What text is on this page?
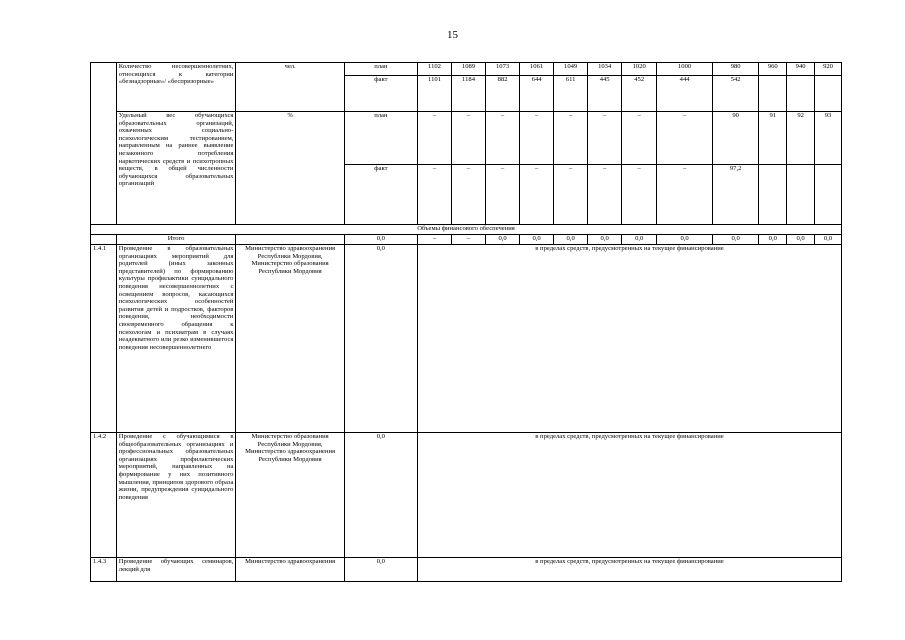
15
	Количество несовершеннолетних, относящихся к категории «безнадзорные»/ «беспризорные»	чел.	план	1102	1089	1073	1061	1049	1034	1020	1000	980	960	940	920
			факт	1101	1184	882	644	611	445	452	444	542			
	Удельный вес обучающихся образовательных организаций, охваченных социально-психологическим тестированием, направленным на раннее выявление незаконного потребления наркотических средств и психотропных веществ, в общей численности обучающихся образовательных организаций	%	план	–	–	–	–	–	–	–	–	90	91	92	93
			факт	–	–	–	–	–	–	–	–	97,2			
Объемы финансового обеспечения															
	Итого		0,0	–	–	0,0	0,0	0,0	0,0	0,0	0,0	0,0	0,0	0,0	0,0
1.4.1	Проведение в образовательных организациях мероприятий для родителей (иных законных представителей) по формированию культуры профилактики суицидального поведения несовершеннолетних с освещением вопросов, касающихся психологических особенностей развития детей и подростков, факторов поведения, необходимости своевременного обращения к психологам и психиатрам в случаях неадекватного или резко изменившегося поведения несовершеннолетнего	Министерство здравоохранения Республики Мордовия, Министерство образования Республики Мордовия	0,0	в пределах средств, предусмотренных на текущее финансирование											
1.4.2	Проведение с обучающимися в общеобразовательных организациях и профессиональных образовательных организациях профилактических мероприятий, направленных на формирование у них позитивного мышления, принципов здорового образа жизни, предупреждения суицидального поведения	Министерство образования Республики Мордовия, Министерство здравоохранения Республики Мордовия	0,0	в пределах средств, предусмотренных на текущее финансирование											
1.4.3	Проведение обучающих семинаров, лекций для	Министерство здравоохранения	0,0	в пределах средств, предусмотренных на текущее финансирование											
